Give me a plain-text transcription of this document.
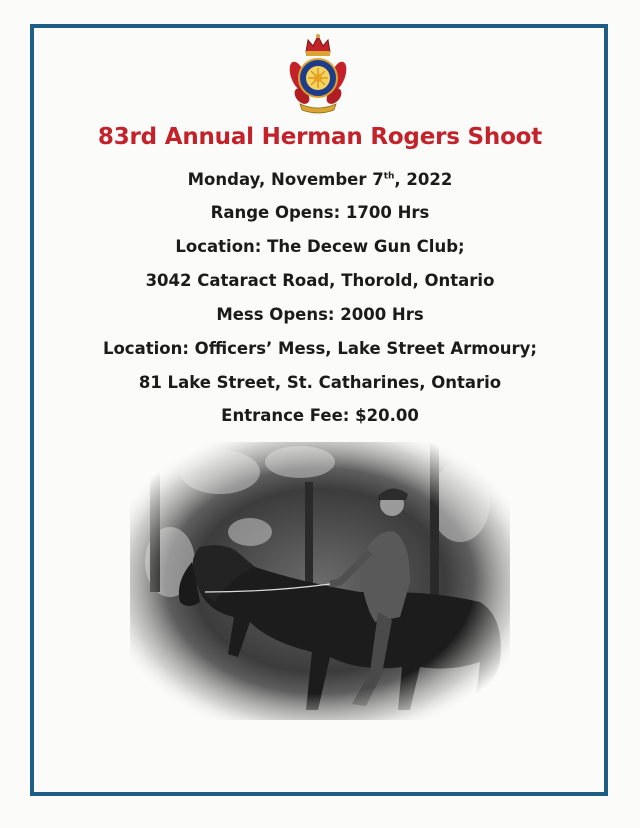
83rd Annual Herman Rogers Shoot
Monday, November 7th, 2022
Range Opens: 1700 Hrs
Location: The Decew Gun Club;
3042 Cataract Road, Thorold, Ontario
Mess Opens: 2000 Hrs
Location: Officers’ Mess, Lake Street Armoury;
81 Lake Street, St. Catharines, Ontario
Entrance Fee: $20.00
